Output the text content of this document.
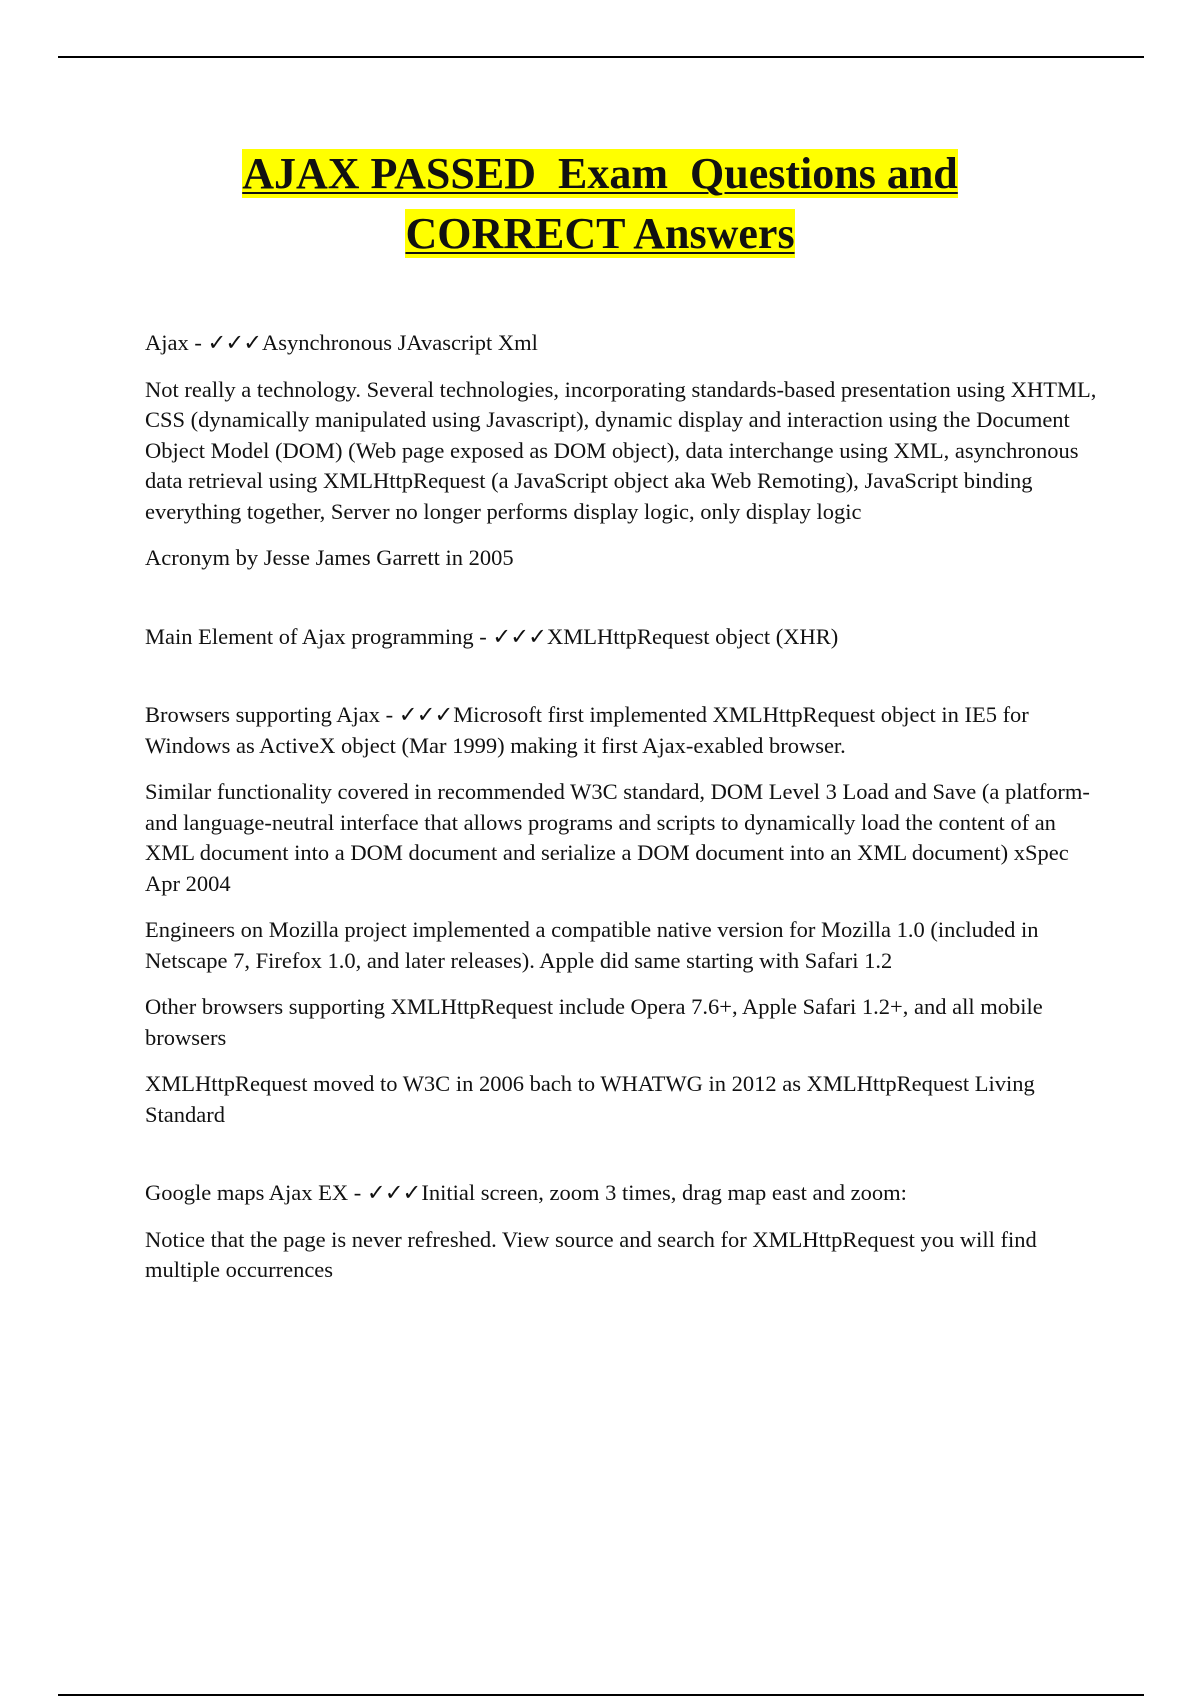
AJAX PASSED  Exam  Questions and
CORRECT Answers

Ajax - ✓✓✓Asynchronous JAvascript Xml

Not really a technology. Several technologies, incorporating standards-based presentation using XHTML, CSS (dynamically manipulated using Javascript), dynamic display and interaction using the Document Object Model (DOM) (Web page exposed as DOM object), data interchange using XML, asynchronous data retrieval using XMLHttpRequest (a JavaScript object aka Web Remoting), JavaScript binding everything together, Server no longer performs display logic, only display logic

Acronym by Jesse James Garrett in 2005

Main Element of Ajax programming - ✓✓✓XMLHttpRequest object (XHR)

Browsers supporting Ajax - ✓✓✓Microsoft first implemented XMLHttpRequest object in IE5 for Windows as ActiveX object (Mar 1999) making it first Ajax-exabled browser.

Similar functionality covered in recommended W3C standard, DOM Level 3 Load and Save (a platform- and language-neutral interface that allows programs and scripts to dynamically load the content of an XML document into a DOM document and serialize a DOM document into an XML document) xSpec Apr 2004

Engineers on Mozilla project implemented a compatible native version for Mozilla 1.0 (included in Netscape 7, Firefox 1.0, and later releases). Apple did same starting with Safari 1.2

Other browsers supporting XMLHttpRequest include Opera 7.6+, Apple Safari 1.2+, and all mobile browsers

XMLHttpRequest moved to W3C in 2006 bach to WHATWG in 2012 as XMLHttpRequest Living Standard

Google maps Ajax EX - ✓✓✓Initial screen, zoom 3 times, drag map east and zoom:

Notice that the page is never refreshed. View source and search for XMLHttpRequest you will find multiple occurrences
